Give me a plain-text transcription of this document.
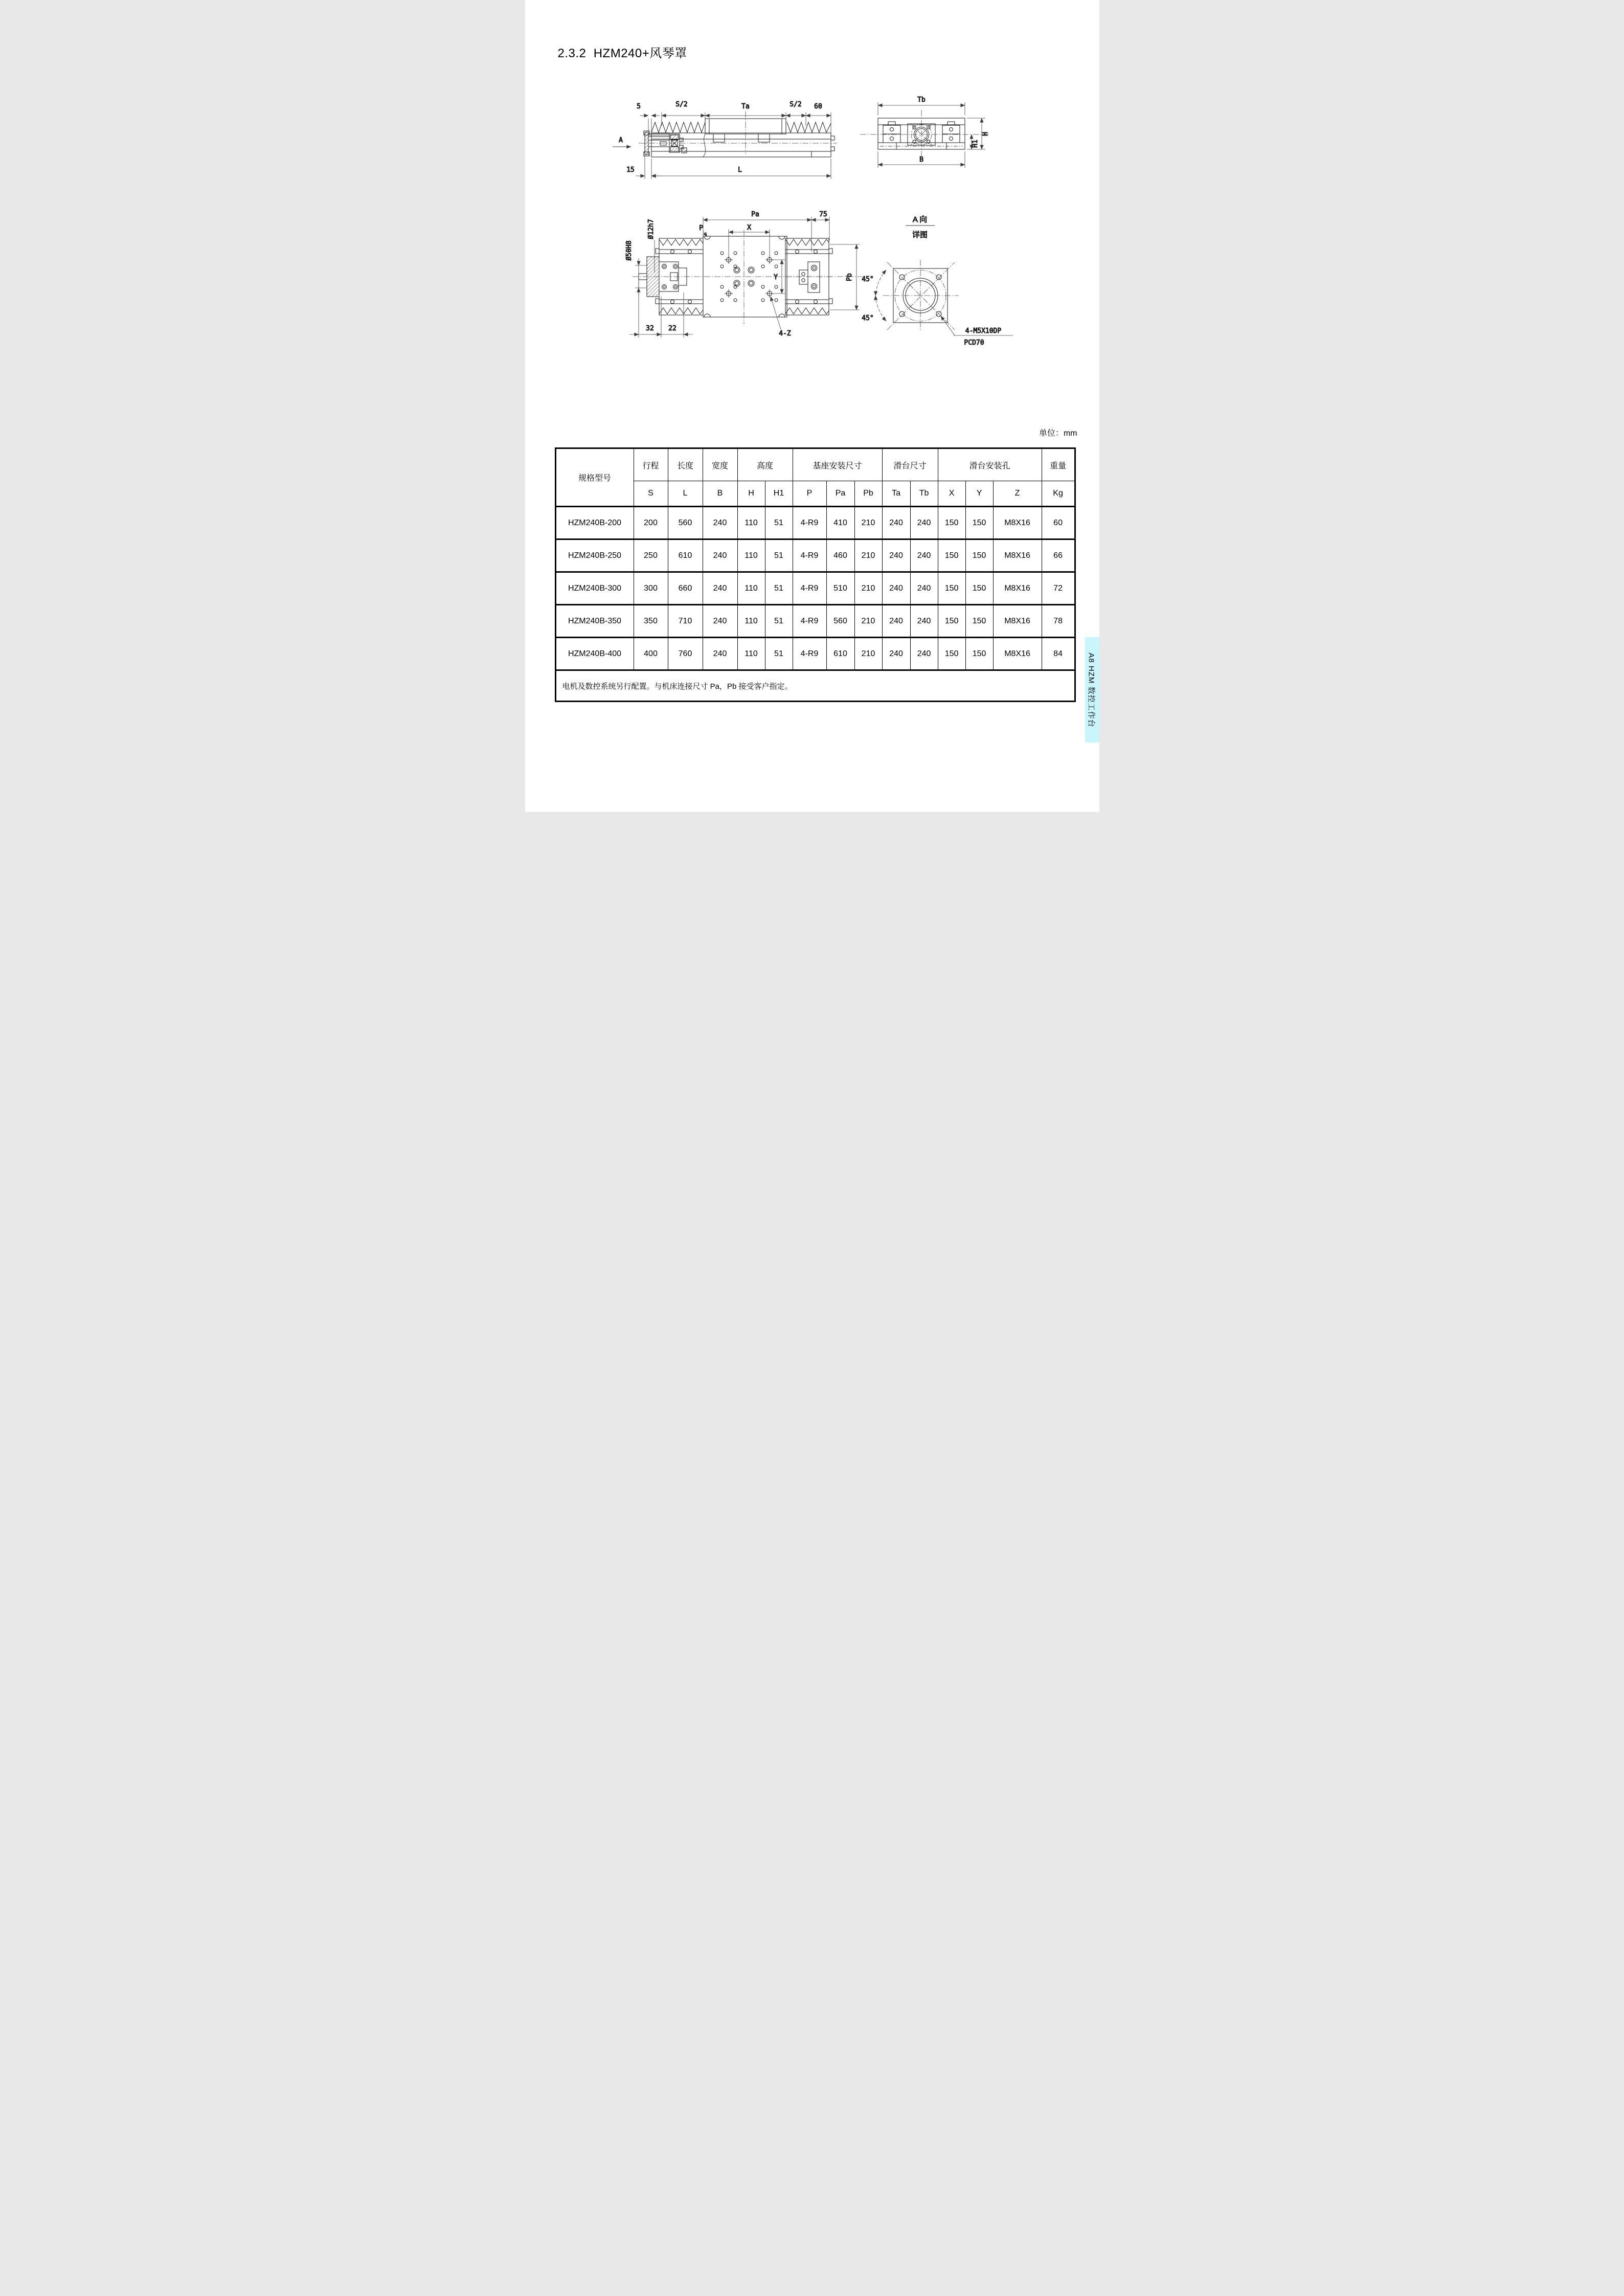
2.3.2  HZM240+风琴罩
5	S/2	Ta	S/2 60
A
15	L
Tb
B
H
H1
Pa	75
P	X
Ø12h7
Ø50H8
Y	Pb
32 22
4-Z
A 向
详图
45°
45°
4-M5X10DP
PCD70
单位：mm
规格型号	行程	长度	宽度	高度		基座安装尺寸			滑台尺寸		滑台安装孔			重量
	S	L	B	H	H1	P	Pa	Pb	Ta	Tb	X	Y	Z	Kg
HZM240B-200	200	560	240	110	51	4-R9	410	210	240	240	150	150	M8X16	60
HZM240B-250	250	610	240	110	51	4-R9	460	210	240	240	150	150	M8X16	66
HZM240B-300	300	660	240	110	51	4-R9	510	210	240	240	150	150	M8X16	72
HZM240B-350	350	710	240	110	51	4-R9	560	210	240	240	150	150	M8X16	78
HZM240B-400	400	760	240	110	51	4-R9	610	210	240	240	150	150	M8X16	84
电机及数控系统另行配置。与机床连接尺寸 Pa，Pb 接受客户指定。															A8 HZM 数控工作台
